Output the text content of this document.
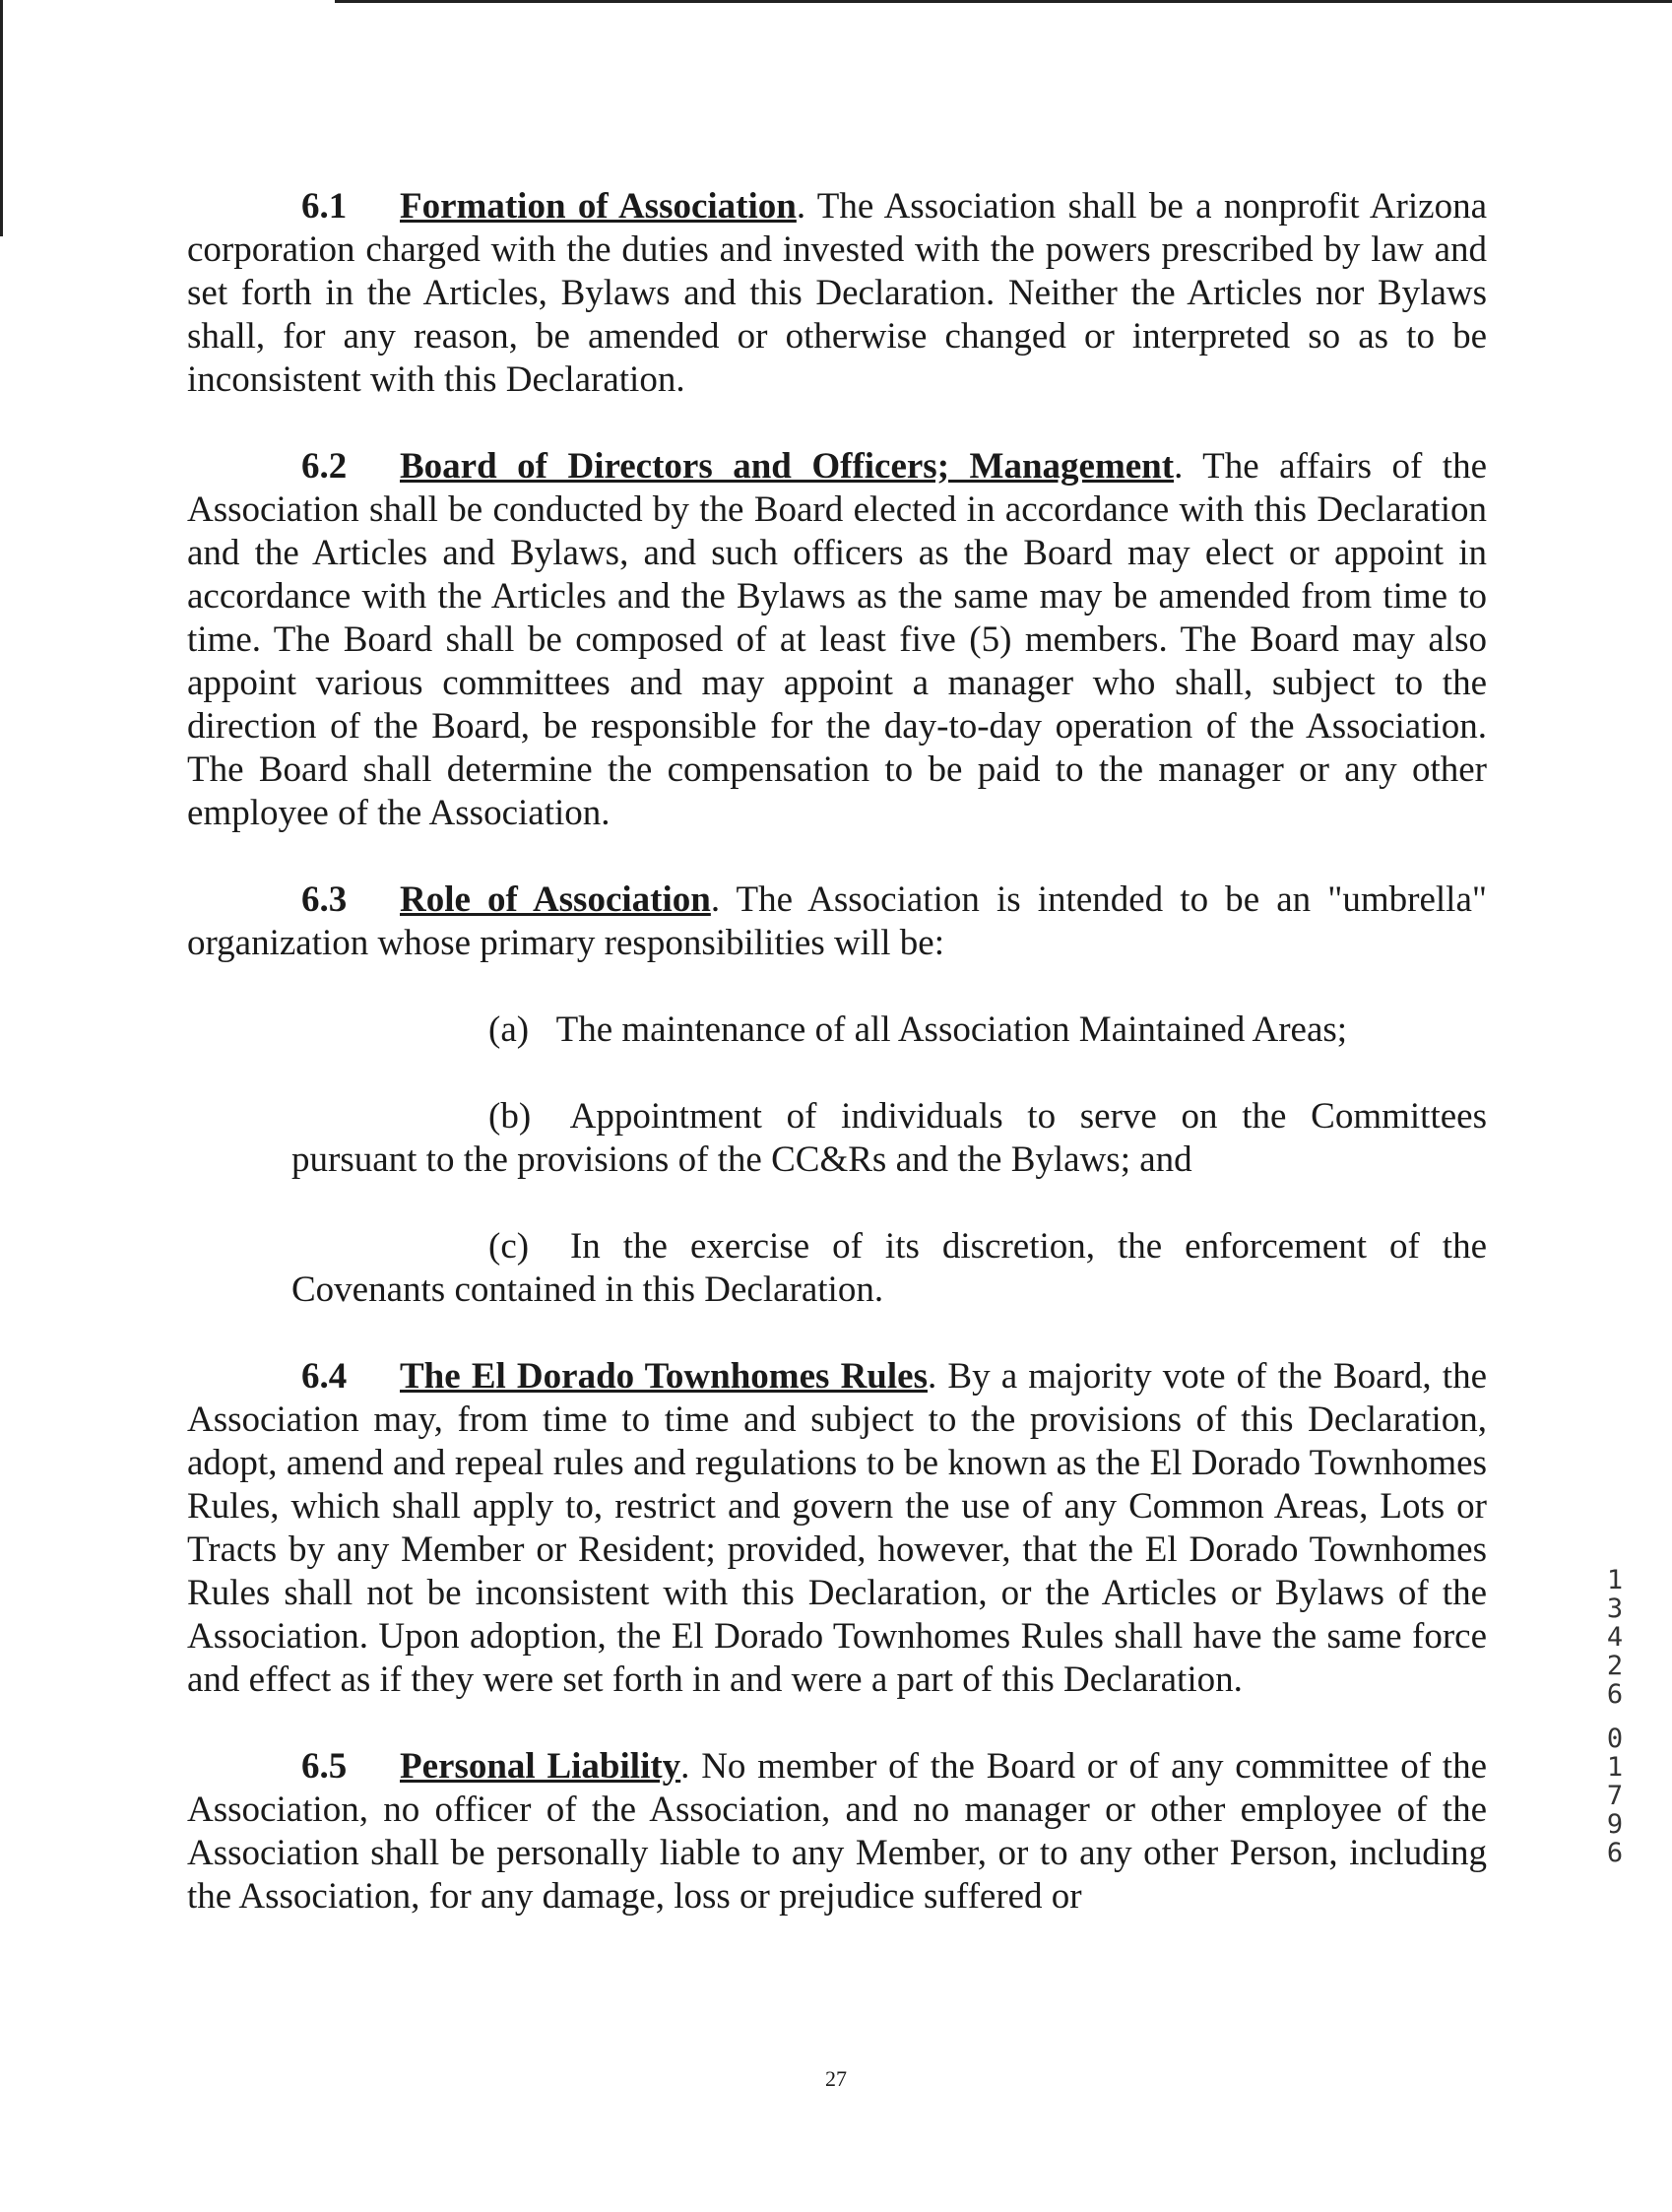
6.1 Formation of Association. The Association shall be a nonprofit Arizona corporation charged with the duties and invested with the powers prescribed by law and set forth in the Articles, Bylaws and this Declaration. Neither the Articles nor Bylaws shall, for any reason, be amended or otherwise changed or interpreted so as to be inconsistent with this Declaration.

6.2 Board of Directors and Officers; Management. The affairs of the Association shall be conducted by the Board elected in accordance with this Declaration and the Articles and Bylaws, and such officers as the Board may elect or appoint in accordance with the Articles and the Bylaws as the same may be amended from time to time. The Board shall be composed of at least five (5) members. The Board may also appoint various committees and may appoint a manager who shall, subject to the direction of the Board, be responsible for the day-to-day operation of the Association. The Board shall determine the compensation to be paid to the manager or any other employee of the Association.

6.3 Role of Association. The Association is intended to be an "umbrella" organization whose primary responsibilities will be:

(a) The maintenance of all Association Maintained Areas;

(b) Appointment of individuals to serve on the Committees pursuant to the provisions of the CC&Rs and the Bylaws; and

(c) In the exercise of its discretion, the enforcement of the Covenants contained in this Declaration.

6.4 The El Dorado Townhomes Rules. By a majority vote of the Board, the Association may, from time to time and subject to the provisions of this Declaration, adopt, amend and repeal rules and regulations to be known as the El Dorado Townhomes Rules, which shall apply to, restrict and govern the use of any Common Areas, Lots or Tracts by any Member or Resident; provided, however, that the El Dorado Townhomes Rules shall not be inconsistent with this Declaration, or the Articles or Bylaws of the Association. Upon adoption, the El Dorado Townhomes Rules shall have the same force and effect as if they were set forth in and were a part of this Declaration.

6.5 Personal Liability. No member of the Board or of any committee of the Association, no officer of the Association, and no manager or other employee of the Association shall be personally liable to any Member, or to any other Person, including the Association, for any damage, loss or prejudice suffered or

1
3
4
2
6
0
1
7
9
6
27
